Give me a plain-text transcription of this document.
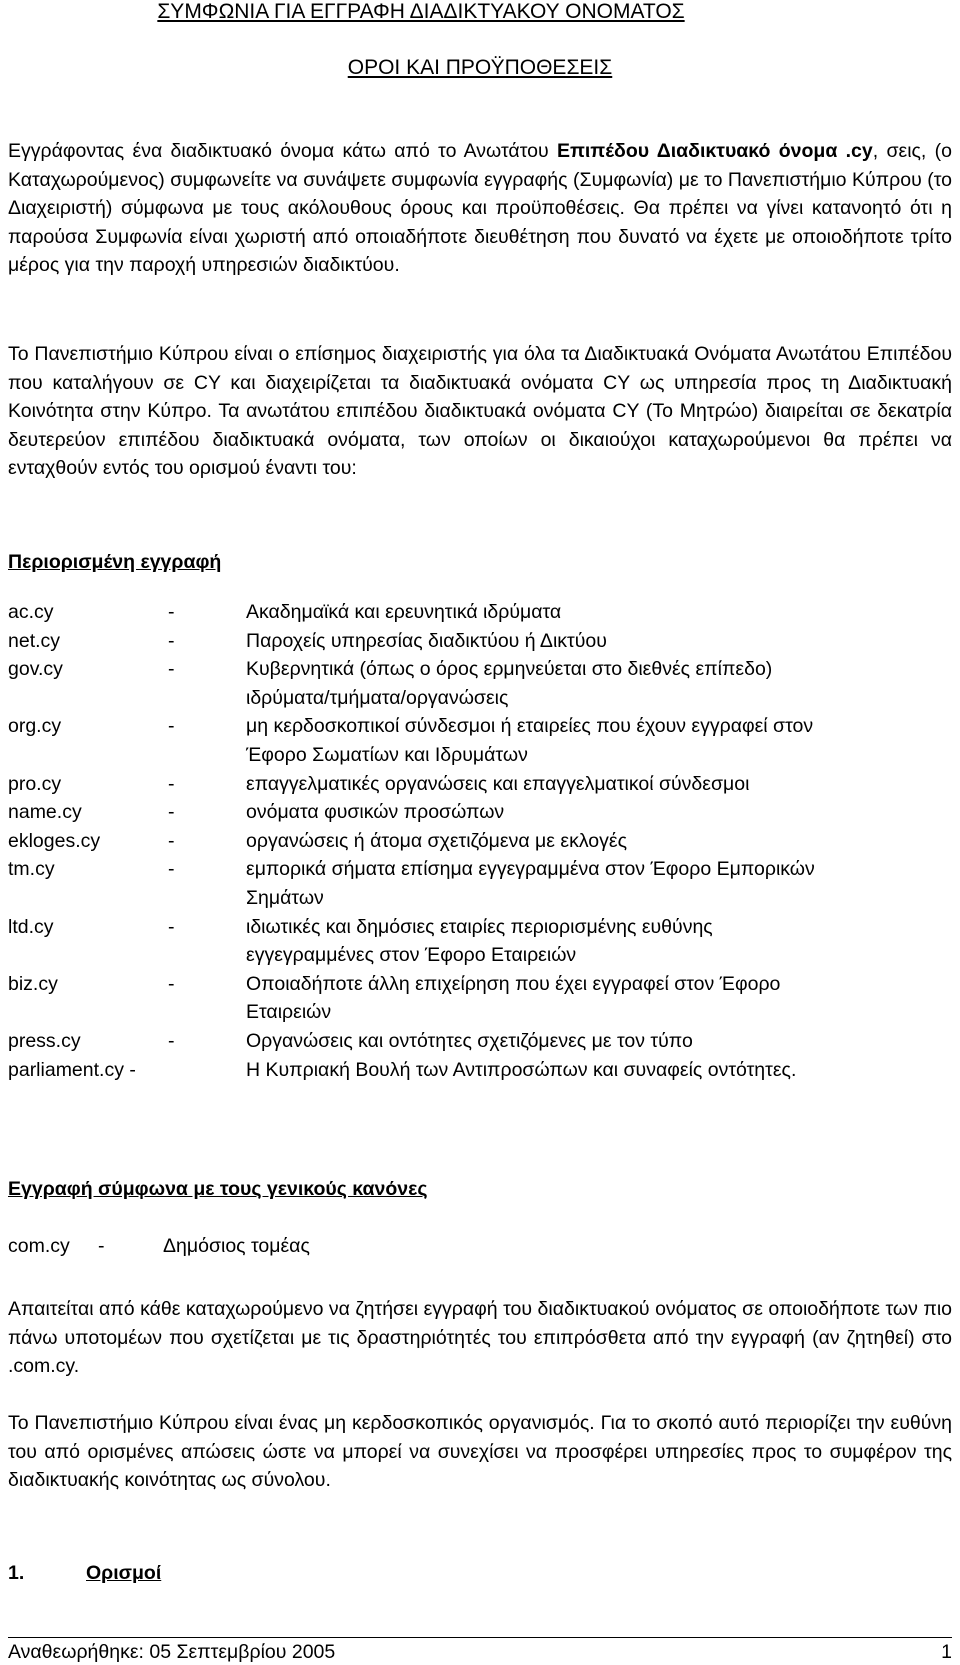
ΣΥΜΦΩΝΙΑ ΓΙΑ ΕΓΓΡΑΦΗ ΔΙΑΔΙΚΤΥΑΚΟΥ ΟΝΟΜΑΤΟΣ
ΟΡΟΙ ΚΑΙ ΠΡΟΫΠΟΘΕΣΕΙΣ

Εγγράφοντας ένα διαδικτυακό όνομα κάτω από το Ανωτάτου Επιπέδου Διαδικτυακό όνομα .cy, σεις, (ο Καταχωρούμενος) συμφωνείτε να συνάψετε συμφωνία εγγραφής (Συμφωνία) με το Πανεπιστήμιο Κύπρου (το Διαχειριστή) σύμφωνα με τους ακόλουθους όρους και προϋποθέσεις. Θα πρέπει να γίνει κατανοητό ότι η παρούσα Συμφωνία είναι χωριστή από οποιαδήποτε διευθέτηση που δυνατό να έχετε με οποιοδήποτε τρίτο μέρος για την παροχή υπηρεσιών διαδικτύου.

Το Πανεπιστήμιο Κύπρου είναι ο επίσημος διαχειριστής για όλα τα Διαδικτυακά Ονόματα Ανωτάτου Επιπέδου που καταλήγουν σε CY και διαχειρίζεται τα διαδικτυακά ονόματα CY ως υπηρεσία προς τη Διαδικτυακή Κοινότητα στην Κύπρο. Τα ανωτάτου επιπέδου διαδικτυακά ονόματα CY (Το Μητρώο) διαιρείται σε δεκατρία δευτερεύον επιπέδου διαδικτυακά ονόματα, των οποίων οι δικαιούχοι καταχωρούμενοι θα πρέπει να ενταχθούν εντός του ορισμού έναντι του:

Περιορισμένη εγγραφή

ac.cy	-	Ακαδημαϊκά και ερευνητικά ιδρύματα
net.cy	-	Παροχείς υπηρεσίας διαδικτύου ή Δικτύου
gov.cy	-	Κυβερνητικά (όπως ο όρος ερμηνεύεται στο διεθνές επίπεδο) ιδρύματα/τμήματα/οργανώσεις
org.cy	-	μη κερδοσκοπικοί σύνδεσμοι ή εταιρείες που έχουν εγγραφεί στον Έφορο Σωματίων και Ιδρυμάτων
pro.cy	-	επαγγελματικές οργανώσεις και επαγγελματικοί σύνδεσμοι
name.cy	-	ονόματα φυσικών προσώπων
ekloges.cy	-	οργανώσεις ή άτομα σχετιζόμενα με εκλογές
tm.cy	-	εμπορικά σήματα επίσημα εγγεγραμμένα στον Έφορο Εμπορικών Σημάτων
ltd.cy	-	ιδιωτικές και δημόσιες εταιρίες περιορισμένης ευθύνης εγγεγραμμένες στον Έφορο Εταιρειών
biz.cy	-	Οποιαδήποτε άλλη επιχείρηση που έχει εγγραφεί στον Έφορο Εταιρειών
press.cy	-	Οργανώσεις και οντότητες σχετιζόμενες με τον τύπο
parliament.cy -	Η Κυπριακή Βουλή των Αντιπροσώπων και συναφείς οντότητες.

Εγγραφή σύμφωνα με τους γενικούς κανόνες

com.cy	-	Δημόσιος τομέας

Απαιτείται από κάθε καταχωρούμενο να ζητήσει εγγραφή του διαδικτυακού ονόματος σε οποιοδήποτε των πιο πάνω υποτομέων που σχετίζεται με τις δραστηριότητές του επιπρόσθετα από την εγγραφή (αν ζητηθεί) στο .com.cy.

Το Πανεπιστήμιο Κύπρου είναι ένας μη κερδοσκοπικός οργανισμός. Για το σκοπό αυτό περιορίζει την ευθύνη του από ορισμένες απώσεις ώστε να μπορεί να συνεχίσει να προσφέρει υπηρεσίες προς το συμφέρον της διαδικτυακής κοινότητας ως σύνολου.

1.	Ορισμοί
Αναθεωρήθηκε: 05 Σεπτεμβρίου 2005	1
